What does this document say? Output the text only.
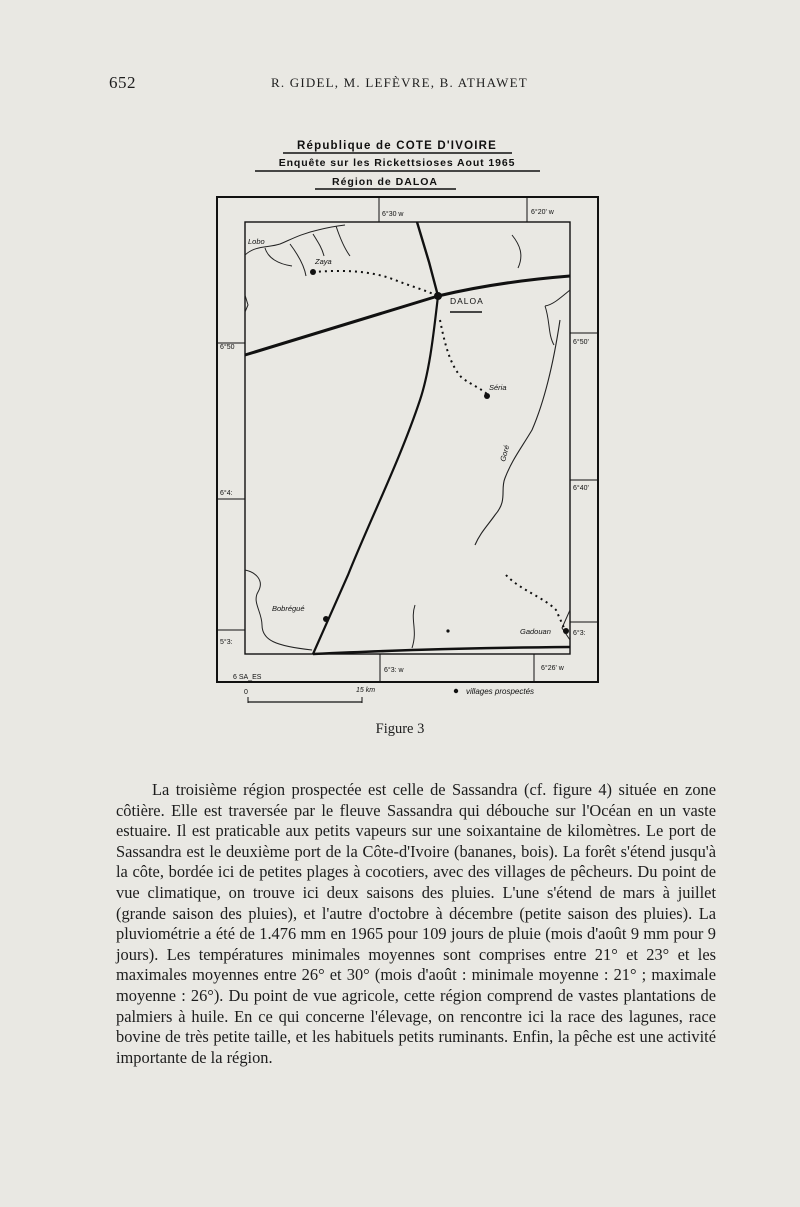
652	R. GIDEL, M. LEFÈVRE, B. ATHAWET
République de COTE D'IVOIRE
Enquête sur les Rickettsioses Aout 1965
Région de DALOA
6°30 w	6°20' w
6°50
6°50'
6°4:
6°40'
5°3:
6°3:
6°3: w	6°26' w
6 SA_ES
Lobo
Zaya
DALOA
Séria
Goré
Bobrégué
Gadouan
0	15 km	villages prospectés
Figure 3

La troisième région prospectée est celle de Sassandra (cf. figure 4) située en zone côtière. Elle est traversée par le fleuve Sassandra qui débouche sur l'Océan en un vaste estuaire. Il est praticable aux petits vapeurs sur une soixantaine de kilomètres. Le port de Sassandra est le deuxième port de la Côte-d'Ivoire (bananes, bois). La forêt s'étend jusqu'à la côte, bordée ici de petites plages à cocotiers, avec des villages de pêcheurs. Du point de vue climatique, on trouve ici deux saisons des pluies. L'une s'étend de mars à juillet (grande saison des pluies), et l'autre d'octobre à décembre (petite saison des pluies). La pluviométrie a été de 1.476 mm en 1965 pour 109 jours de pluie (mois d'août 9 mm pour 9 jours). Les températures minimales moyennes sont comprises entre 21° et 23° et les maximales moyennes entre 26° et 30° (mois d'août : minimale moyenne : 21° ; maximale moyenne : 26°). Du point de vue agricole, cette région comprend de vastes plantations de palmiers à huile. En ce qui concerne l'élevage, on rencontre ici la race des lagunes, race bovine de très petite taille, et les habituels petits ruminants. Enfin, la pêche est une activité importante de la région.
